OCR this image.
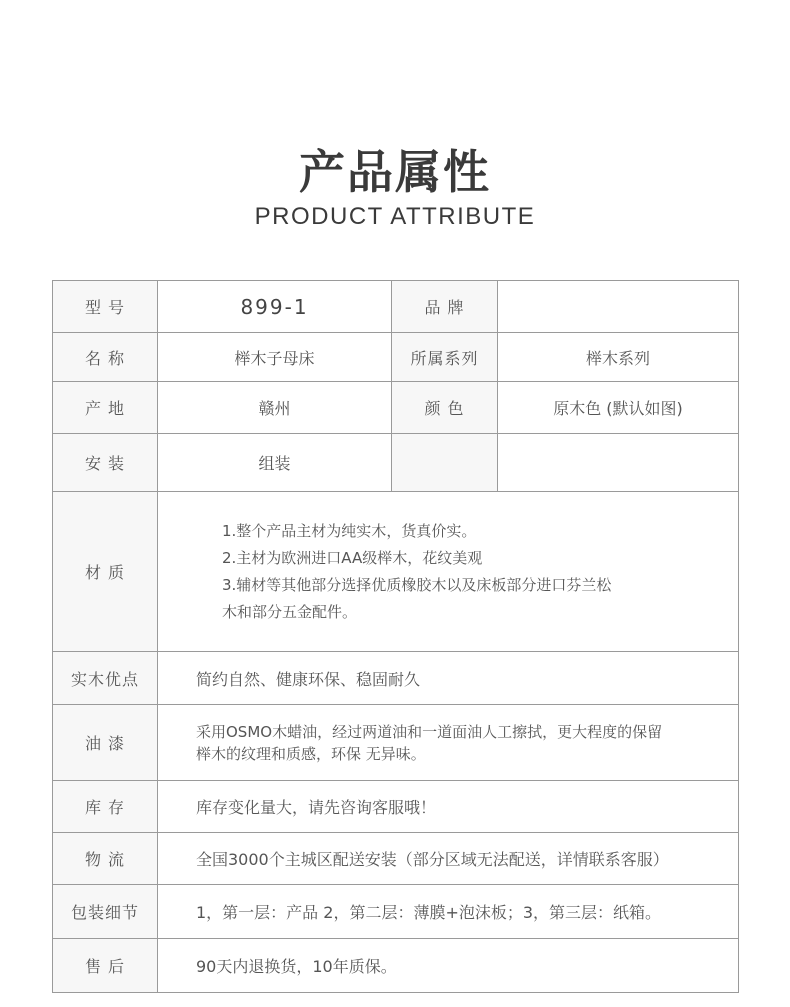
产品属性
PRODUCT ATTRIBUTE
型 号	899-1	品 牌	
名 称	榉木子母床	所属系列	榉木系列
产 地	赣州	颜 色	原木色 (默认如图)
安 装	组装		
材 质	1.整个产品主材为纯实木，货真价实。
2.主材为欧洲进口AA级榉木，花纹美观
3.辅材等其他部分选择优质橡胶木以及床板部分进口芬兰松
木和部分五金配件。		

实木优点	简约自然、健康环保、稳固耐久		
油 漆	采用OSMO木蜡油，经过两道油和一道面油人工擦拭，更大程度的保留
榉木的纹理和质感，环保 无异味。		

库 存	库存变化量大，请先咨询客服哦！		
物 流	全国3000个主城区配送安装（部分区域无法配送，详情联系客服）		
包装细节	1，第一层：产品 2，第二层：薄膜+泡沫板；3，第三层：纸箱。		
售 后	90天内退换货，10年质保。		
